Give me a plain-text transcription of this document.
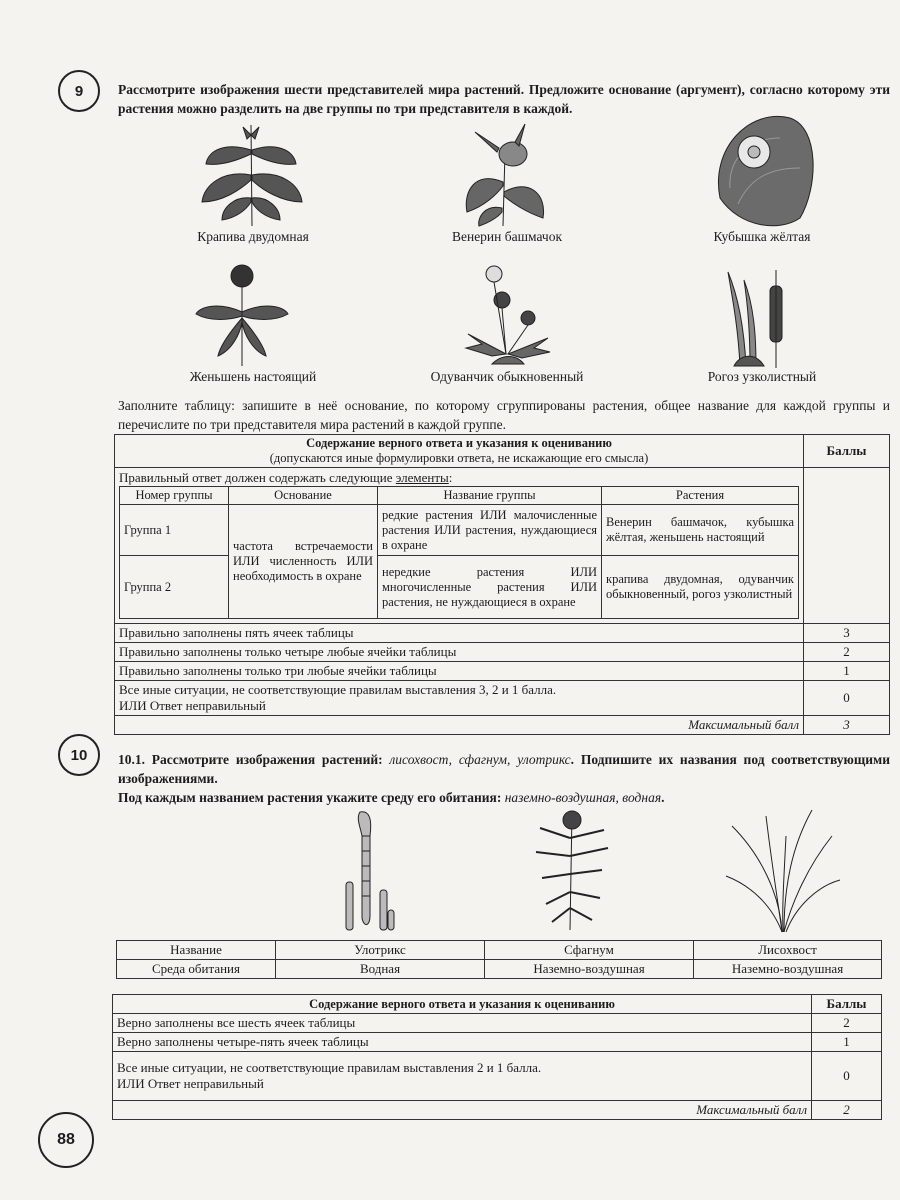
9	Рассмотрите изображения шести представителей мира растений. Предложите основание (аргумент), согласно которому эти растения можно разделить на две группы по три представителя в каждой.
Крапива двудомная	Венерин башмачок	Кубышка жёлтая
Женьшень настоящий	Одуванчик обыкновенный	Рогоз узколистный
Заполните таблицу: запишите в неё основание, по которому сгруппированы растения, общее название для каждой группы и перечислите по три представителя мира растений в каждой группе.
Содержание верного ответа и указания к оцениванию
(допускаются иные формулировки ответа, не искажающие его смысла)	Баллы

Правильный ответ должен содержать следующие элементы:
Номер группы	Основание	Название группы	Растения
Группа 1	частота встречаемости ИЛИ численность ИЛИ необходимость в охране	редкие растения ИЛИ малочисленные растения ИЛИ растения, нуждающиеся в охране	Венерин башмачок, кубышка жёлтая, женьшень настоящий
Группа 2	нередкие растения ИЛИ многочисленные растения ИЛИ растения, не нуждающиеся в охране	крапива двудомная, одуванчик обыкновенный, рогоз узколистный

Правильно заполнены пять ячеек таблицы	3
Правильно заполнены только четыре любые ячейки таблицы	2
Правильно заполнены только три любые ячейки таблицы	1

Все иные ситуации, не соответствующие правилам выставления 3, 2 и 1 балла.
ИЛИ Ответ неправильный
	0
Максимальный балл	3
10 10.1. Рассмотрите изображения растений: лисохвост, сфагнум, улотрикс. Подпишите их названия под соответствующими изображениями.
Под каждым названием растения укажите среду его обитания: наземно-воздушная, водная.
Название	Улотрикс	Сфагнум	Лисохвост
Среда обитания	Водная	Наземно-воздушная	Наземно-воздушная
Содержание верного ответа и указания к оцениванию	Баллы
Верно заполнены все шесть ячеек таблицы	2
Верно заполнены четыре-пять ячеек таблицы	1

Все иные ситуации, не соответствующие правилам выставления 2 и 1 балла.
ИЛИ Ответ неправильный	0
Максимальный балл	2
88
